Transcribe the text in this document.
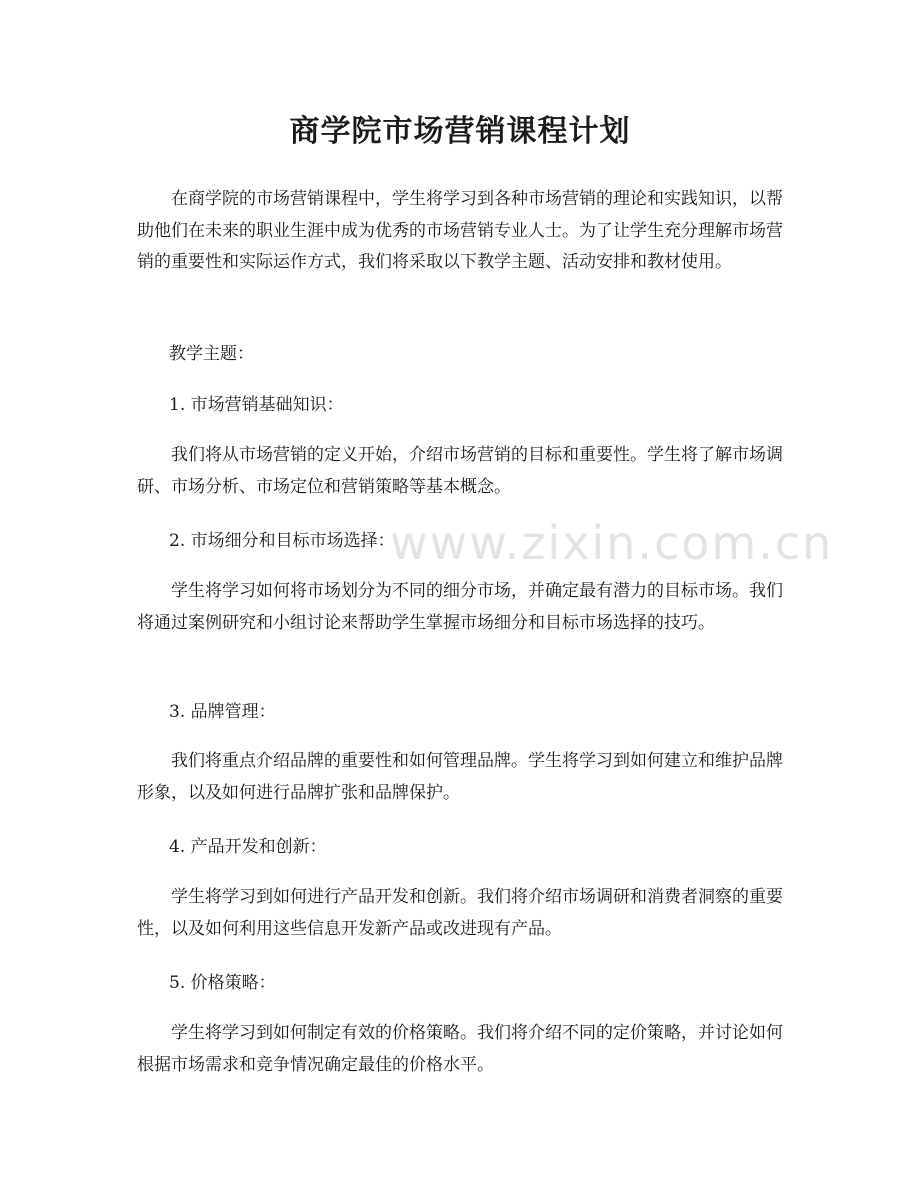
商学院市场营销课程计划

在商学院的市场营销课程中，学生将学习到各种市场营销的理论和实践知识，以帮助他们在未来的职业生涯中成为优秀的市场营销专业人士。为了让学生充分理解市场营销的重要性和实际运作方式，我们将采取以下教学主题、活动安排和教材使用。

教学主题：

1. 市场营销基础知识：

我们将从市场营销的定义开始，介绍市场营销的目标和重要性。学生将了解市场调研、市场分析、市场定位和营销策略等基本概念。

www.zixin.com.cn

2. 市场细分和目标市场选择：

学生将学习如何将市场划分为不同的细分市场，并确定最有潜力的目标市场。我们将通过案例研究和小组讨论来帮助学生掌握市场细分和目标市场选择的技巧。

3. 品牌管理：

我们将重点介绍品牌的重要性和如何管理品牌。学生将学习到如何建立和维护品牌形象，以及如何进行品牌扩张和品牌保护。

4. 产品开发和创新：

学生将学习到如何进行产品开发和创新。我们将介绍市场调研和消费者洞察的重要性，以及如何利用这些信息开发新产品或改进现有产品。

5. 价格策略：

学生将学习到如何制定有效的价格策略。我们将介绍不同的定价策略，并讨论如何根据市场需求和竞争情况确定最佳的价格水平。
